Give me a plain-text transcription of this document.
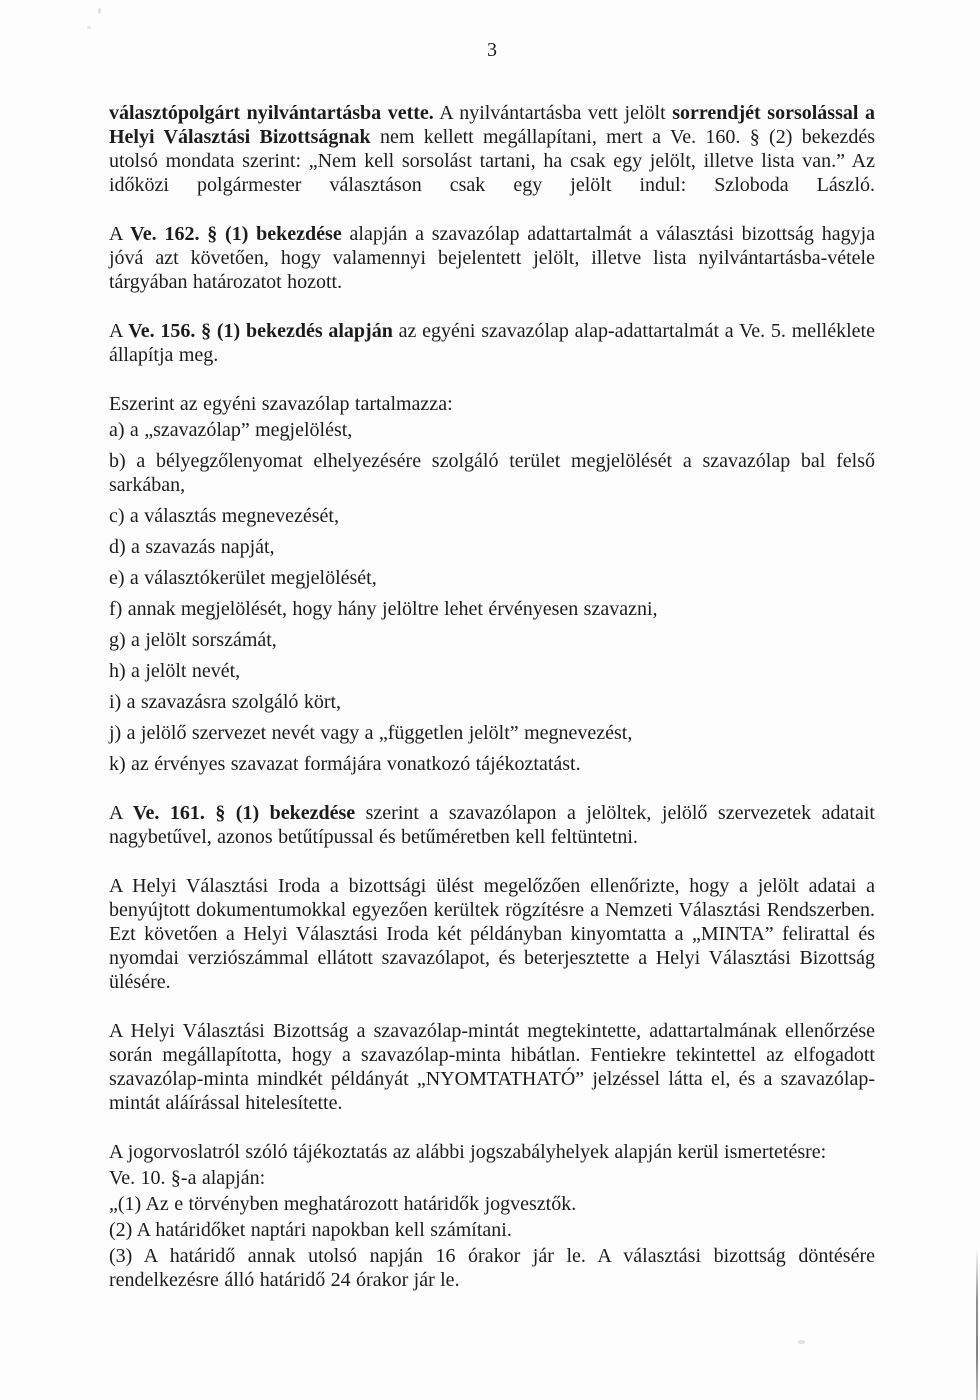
3

választópolgárt nyilvántartásba vette. A nyilvántartásba vett jelölt sorrendjét sorsolással a Helyi Választási Bizottságnak nem kellett megállapítani, mert a Ve. 160. § (2) bekezdés utolsó mondata szerint: „Nem kell sorsolást tartani, ha csak egy jelölt, illetve lista van.” Az időközi polgármester választáson csak egy jelölt indul: Szloboda László.

A Ve. 162. § (1) bekezdése alapján a szavazólap adattartalmát a választási bizottság hagyja jóvá azt követően, hogy valamennyi bejelentett jelölt, illetve lista nyilvántartásba-vétele tárgyában határozatot hozott.

A Ve. 156. § (1) bekezdés alapján az egyéni szavazólap alap-adattartalmát a Ve. 5. melléklete állapítja meg.

Eszerint az egyéni szavazólap tartalmazza:

a) a „szavazólap” megjelölést,

b) a bélyegzőlenyomat elhelyezésére szolgáló terület megjelölését a szavazólap bal felső sarkában,

c) a választás megnevezését,

d) a szavazás napját,

e) a választókerület megjelölését,

f) annak megjelölését, hogy hány jelöltre lehet érvényesen szavazni,

g) a jelölt sorszámát,

h) a jelölt nevét,

i) a szavazásra szolgáló kört,

j) a jelölő szervezet nevét vagy a „független jelölt” megnevezést,

k) az érvényes szavazat formájára vonatkozó tájékoztatást.

A Ve. 161. § (1) bekezdése szerint a szavazólapon a jelöltek, jelölő szervezetek adatait nagybetűvel, azonos betűtípussal és betűméretben kell feltüntetni.

A Helyi Választási Iroda a bizottsági ülést megelőzően ellenőrizte, hogy a jelölt adatai a benyújtott dokumentumokkal egyezően kerültek rögzítésre a Nemzeti Választási Rendszerben. Ezt követően a Helyi Választási Iroda két példányban kinyomtatta a „MINTA” felirattal és nyomdai verziószámmal ellátott szavazólapot, és beterjesztette a Helyi Választási Bizottság ülésére.

A Helyi Választási Bizottság a szavazólap-mintát megtekintette, adattartalmának ellenőrzése során megállapította, hogy a szavazólap-minta hibátlan. Fentiekre tekintettel az elfogadott szavazólap-minta mindkét példányát „NYOMTATHATÓ” jelzéssel látta el, és a szavazólap-mintát aláírással hitelesítette.

A jogorvoslatról szóló tájékoztatás az alábbi jogszabályhelyek alapján kerül ismertetésre:

Ve. 10. §-a alapján:

„(1) Az e törvényben meghatározott határidők jogvesztők.

(2) A határidőket naptári napokban kell számítani.

(3) A határidő annak utolsó napján 16 órakor jár le. A választási bizottság döntésére rendelkezésre álló határidő 24 órakor jár le.
